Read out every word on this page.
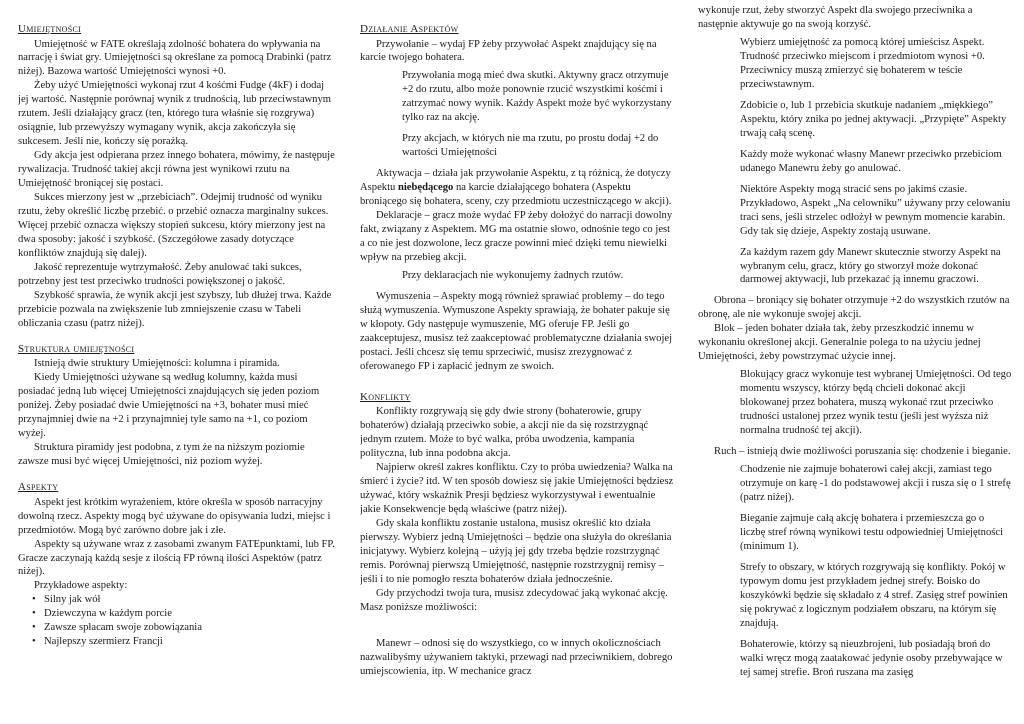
Umiejętności

Umiejętność w FATE określają zdolność bohatera do wpływania na narrację i świat gry. Umiejętności są określane za pomocą Drabinki (patrz niżej). Bazowa wartość Umiejętności wynosi +0.

Żeby użyć Umiejętności wykonaj rzut 4 kośćmi Fudge (4kF) i dodaj jej wartość. Następnie porównaj wynik z trudnością, lub przeciwstawnym rzutem. Jeśli działający gracz (ten, którego tura właśnie się rozgrywa) osiągnie, lub przewyższy wymagany wynik, akcja zakończyła się sukcesem. Jeśli nie, kończy się porażką.

Gdy akcja jest odpierana przez innego bohatera, mówimy, że następuje rywalizacja. Trudność takiej akcji równa jest wynikowi rzutu na Umiejętność broniącej się postaci.

Sukces mierzony jest w „przebiciach”. Odejmij trudność od wyniku rzutu, żeby określić liczbę przebić. o przebić oznacza marginalny sukces. Więcej przebić oznacza większy stopień sukcesu, który mierzony jest na dwa sposoby: jakość i szybkość. (Szczegółowe zasady dotyczące konfliktów znajdują się dalej).

Jakość reprezentuje wytrzymałość. Żeby anulować taki sukces, potrzebny jest test przeciwko trudności powiększonej o jakość.

Szybkość sprawia, że wynik akcji jest szybszy, lub dłużej trwa. Każde przebicie pozwala na zwiększenie lub zmniejszenie czasu w Tabeli obliczania czasu (patrz niżej).

Struktura umiejętności

Istnieją dwie struktury Umiejętności: kolumna i piramida.

Kiedy Umiejętności używane są według kolumny, każda musi posiadać jedną lub więcej Umiejętności znajdujących się jeden poziom poniżej. Żeby posiadać dwie Umiejętności na +3, bohater musi mieć przynajmniej dwie na +2 i przynajmniej tyle samo na +1, co poziom wyżej.

Struktura piramidy jest podobna, z tym że na niższym poziomie zawsze musi być więcej Umiejętności, niż poziom wyżej.

Aspekty

Aspekt jest krótkim wyrażeniem, które określa w sposób narracyjny dowolną rzecz. Aspekty mogą być używane do opisywania ludzi, miejsc i przedmiotów. Mogą być zarówno dobre jak i złe.

Aspekty są używane wraz z zasobami zwanym FATEpunktami, lub FP. Gracze zaczynają każdą sesje z ilością FP równą ilości Aspektów (patrz niżej).

Przykładowe aspekty:

• Silny jak wół
• Dziewczyna w każdym porcie
• Zawsze spłacam swoje zobowiązania
• Najlepszy szermierz Francji
Działanie Aspektów

Przywołanie – wydaj FP żeby przywołać Aspekt znajdujący się na karcie twojego bohatera.

Przywołania mogą mieć dwa skutki. Aktywny gracz otrzymuje +2 do rzutu, albo może ponownie rzucić wszystkimi kośćmi i zatrzymać nowy wynik. Każdy Aspekt może być wykorzystany tylko raz na akcję.

Przy akcjach, w których nie ma rzutu, po prostu dodaj +2 do wartości Umiejętności

Aktywacja – działa jak przywołanie Aspektu, z tą różnicą, że dotyczy Aspektu niebędącego na karcie działającego bohatera (Aspektu broniącego się bohatera, sceny, czy przedmiotu uczestniczącego w akcji).

Deklaracje – gracz może wydać FP żeby dołożyć do narracji dowolny fakt, związany z Aspektem. MG ma ostatnie słowo, odnośnie tego co jest a co nie jest dozwolone, lecz gracze powinni mieć dzięki temu niewielki wpływ na przebieg akcji.

Przy deklaracjach nie wykonujemy żadnych rzutów.

Wymuszenia – Aspekty mogą również sprawiać problemy – do tego służą wymuszenia. Wymuszone Aspekty sprawiają, że bohater pakuje się w kłopoty. Gdy następuje wymuszenie, MG oferuje FP. Jeśli go zaakceptujesz, musisz też zaakceptować problematyczne działania swojej postaci. Jeśli chcesz się temu sprzeciwić, musisz zrezygnować z oferowanego FP i zapłacić jednym ze swoich.

Konflikty

Konflikty rozgrywają się gdy dwie strony (bohaterowie, grupy bohaterów) działają przeciwko sobie, a akcji nie da się rozstrzygnąć jednym rzutem. Może to być walka, próba uwodzenia, kampania polityczna, lub inna podobna akcja.

Najpierw określ zakres konfliktu. Czy to próba uwiedzenia? Walka na śmierć i życie? itd. W ten sposób dowiesz się jakie Umiejętności będziesz używać, który wskaźnik Presji będziesz wykorzystywał i ewentualnie jakie Konsekwencje będą właściwe (patrz niżej).

Gdy skala konfliktu zostanie ustalona, musisz określić kto działa pierwszy. Wybierz jedną Umiejętności – będzie ona służyła do określania inicjatywy. Wybierz kolejną – użyją jej gdy trzeba będzie rozstrzygnąć remis. Porównaj pierwszą Umiejętność, następnie rozstrzygnij remisy – jeśli i to nie pomogło reszta bohaterów działa jednocześnie.

Gdy przychodzi twoja tura, musisz zdecydować jaką wykonać akcję. Masz poniższe możliwości:

Manewr – odnosi się do wszystkiego, co w innych okolicznościach nazwalibyśmy używaniem taktyki, przewagi nad przeciwnikiem, dobrego umiejscowienia, itp. W mechanice gracz

wykonuje rzut, żeby stworzyć Aspekt dla swojego przeciwnika a następnie aktywuje go na swoją korzyść.

Wybierz umiejętność za pomocą której umieścisz Aspekt. Trudność przeciwko miejscom i przedmiotom wynosi +0. Przeciwnicy muszą zmierzyć się bohaterem w teście przeciwstawnym.

Zdobicie o, lub 1 przebicia skutkuje nadaniem „miękkiego” Aspektu, który znika po jednej aktywacji. „Przypięte” Aspekty trwają całą scenę.

Każdy może wykonać własny Manewr przeciwko przebiciom udanego Manewru żeby go anulować.

Niektóre Aspekty mogą stracić sens po jakimś czasie. Przykładowo, Aspekt „Na celowniku” używany przy celowaniu traci sens, jeśli strzelec odłożył w pewnym momencie karabin. Gdy tak się dzieje, Aspekty zostają usuwane.

Za każdym razem gdy Manewr skutecznie stworzy Aspekt na wybranym celu, gracz, który go stworzył może dokonać darmowej aktywacji, lub przekazać ją innemu graczowi.

Obrona – broniący się bohater otrzymuje +2 do wszystkich rzutów na obronę, ale nie wykonuje swojej akcji.

Blok – jeden bohater działa tak, żeby przeszkodzić innemu w wykonaniu określonej akcji. Generalnie polega to na użyciu jednej Umiejętności, żeby powstrzymać użycie innej.

Blokujący gracz wykonuje test wybranej Umiejętności. Od tego momentu wszyscy, którzy będą chcieli dokonać akcji blokowanej przez bohatera, muszą wykonać rzut przeciwko trudności ustalonej przez wynik testu (jeśli jest wyższa niż normalna trudność tej akcji).

Ruch – istnieją dwie możliwości poruszania się: chodzenie i bieganie.

Chodzenie nie zajmuje bohaterowi całej akcji, zamiast tego otrzymuje on karę -1 do podstawowej akcji i rusza się o 1 strefę (patrz niżej).

Bieganie zajmuje całą akcję bohatera i przemieszcza go o liczbę stref równą wynikowi testu odpowiedniej Umiejętności (minimum 1).

Strefy to obszary, w których rozgrywają się konflikty. Pokój w typowym domu jest przykładem jednej strefy. Boisko do koszykówki będzie się składało z 4 stref. Zasięg stref powinien się pokrywać z logicznym podziałem obszaru, na którym się znajdują.

Bohaterowie, którzy są nieuzbrojeni, lub posiadają broń do walki wręcz mogą zaatakować jedynie osoby przebywające w tej samej strefie. Broń ruszana ma zasięg
